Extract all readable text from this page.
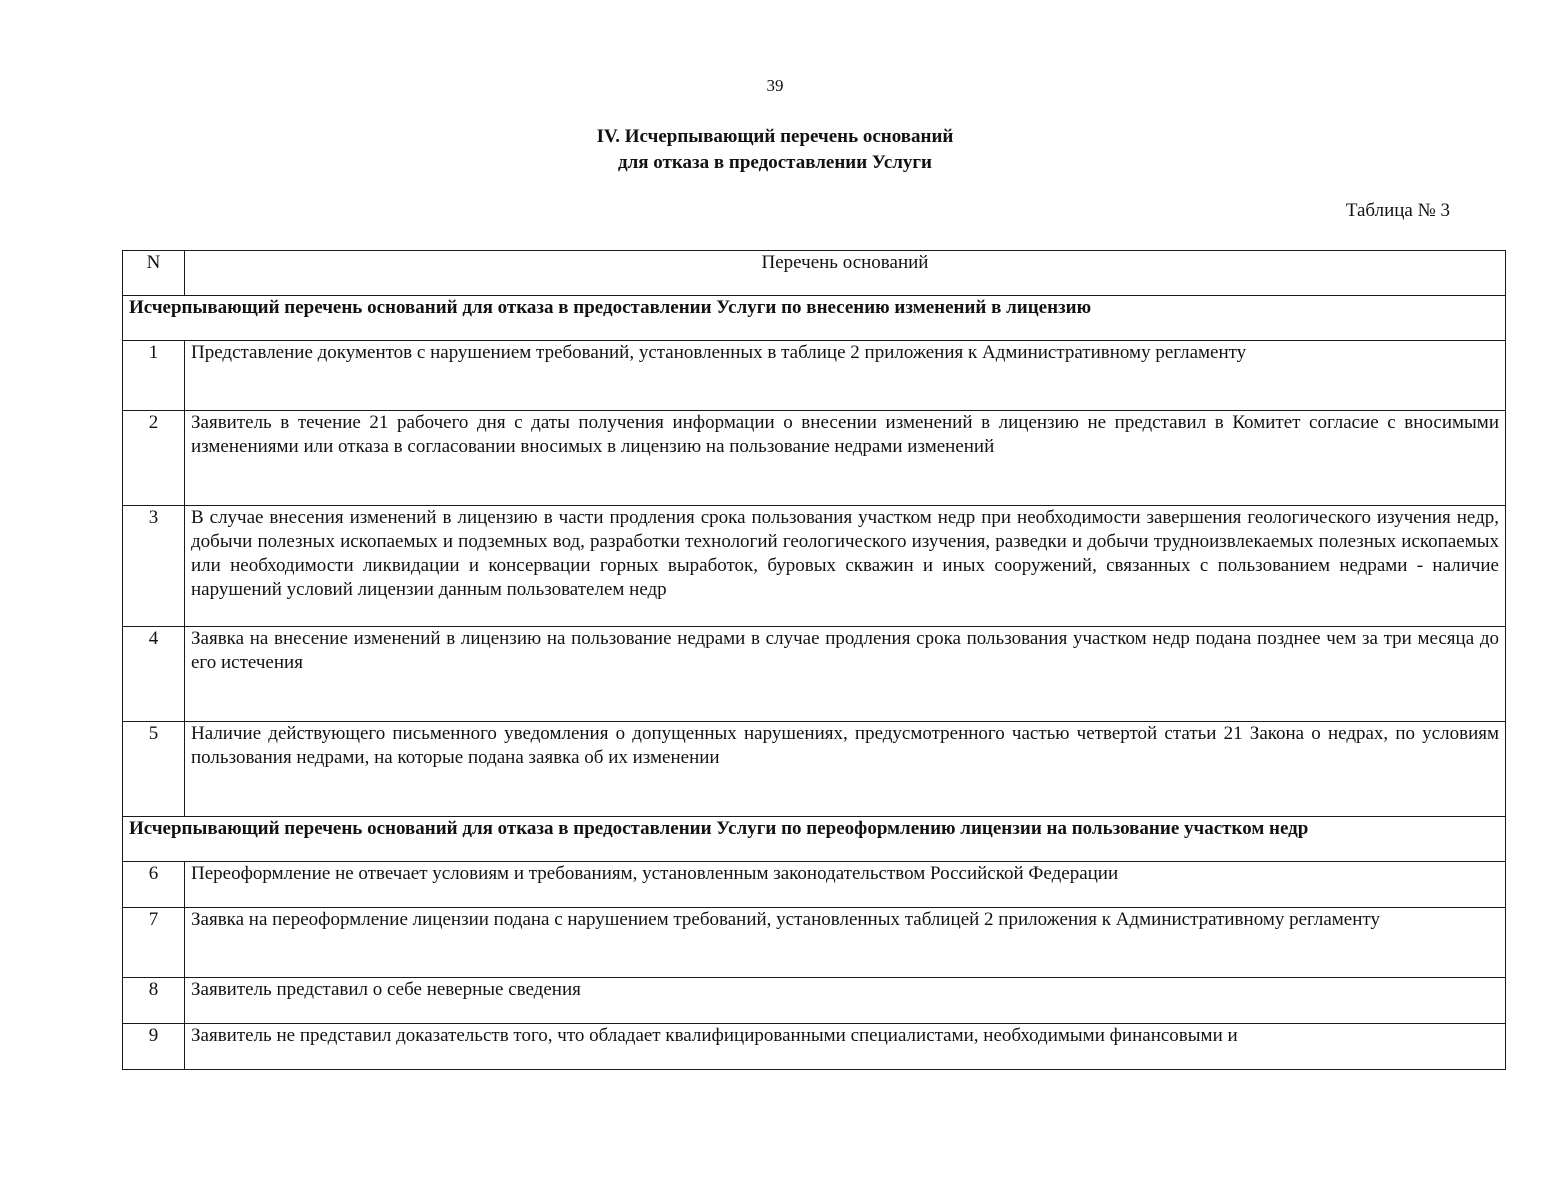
39
IV. Исчерпывающий перечень оснований
для отказа в предоставлении Услуги
Таблица № 3
N	Перечень оснований
Исчерпывающий перечень оснований для отказа в предоставлении Услуги по внесению изменений в лицензию	
1	Представление документов с нарушением требований, установленных в таблице 2 приложения к Административному регламенту
2	Заявитель в течение 21 рабочего дня с даты получения информации о внесении изменений в лицензию не представил в Комитет согласие с вносимыми изменениями или отказа в согласовании вносимых в лицензию на пользование недрами изменений
3	В случае внесения изменений в лицензию в части продления срока пользования участком недр при необходимости завершения геологического изучения недр, добычи полезных ископаемых и подземных вод, разработки технологий геологического изучения, разведки и добычи трудноизвлекаемых полезных ископаемых или необходимости ликвидации и консервации горных выработок, буровых скважин и иных сооружений, связанных с пользованием недрами - наличие нарушений условий лицензии данным пользователем недр
4	Заявка на внесение изменений в лицензию на пользование недрами в случае продления срока пользования участком недр подана позднее чем за три месяца до его истечения
5	Наличие действующего письменного уведомления о допущенных нарушениях, предусмотренного частью четвертой статьи 21 Закона о недрах, по условиям пользования недрами, на которые подана заявка об их изменении
Исчерпывающий перечень оснований для отказа в предоставлении Услуги по переоформлению лицензии на пользование участком недр	
6	Переоформление не отвечает условиям и требованиям, установленным законодательством Российской Федерации
7	Заявка на переоформление лицензии подана с нарушением требований, установленных таблицей 2 приложения к Административному регламенту
8	Заявитель представил о себе неверные сведения
9	Заявитель не представил доказательств того, что обладает квалифицированными специалистами, необходимыми финансовыми и
